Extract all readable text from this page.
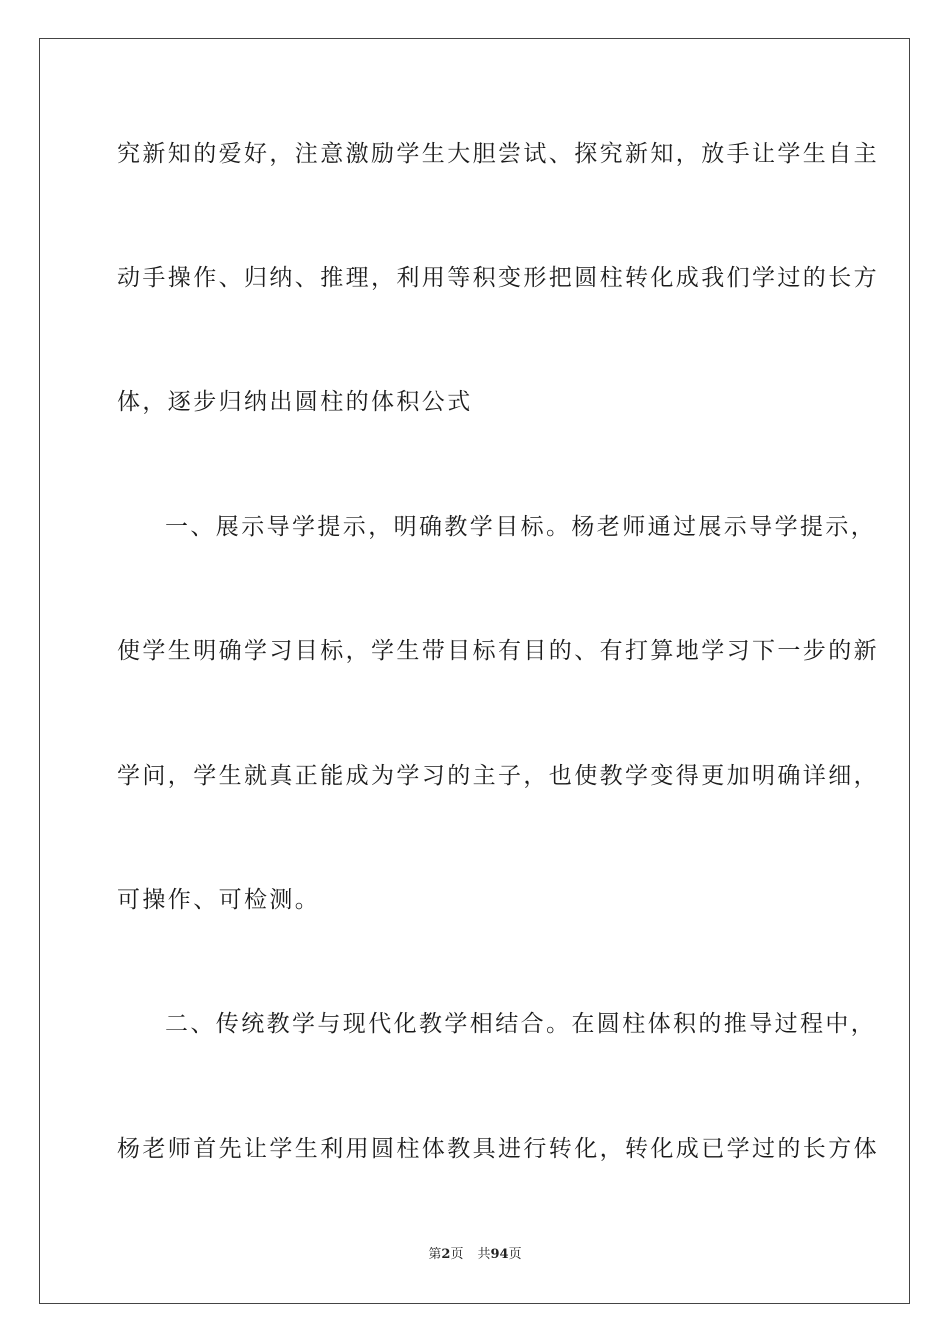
究新知的爱好，注意激励学生大胆尝试、探究新知，放手让学生自主
动手操作、归纳、推理，利用等积变形把圆柱转化成我们学过的长方
体，逐步归纳出圆柱的体积公式
一、展示导学提示，明确教学目标。杨老师通过展示导学提示，
使学生明确学习目标，学生带目标有目的、有打算地学习下一步的新
学问，学生就真正能成为学习的主子，也使教学变得更加明确详细，
可操作、可检测。
二、传统教学与现代化教学相结合。在圆柱体积的推导过程中，
杨老师首先让学生利用圆柱体教具进行转化，转化成已学过的长方体
第2页 共94页
